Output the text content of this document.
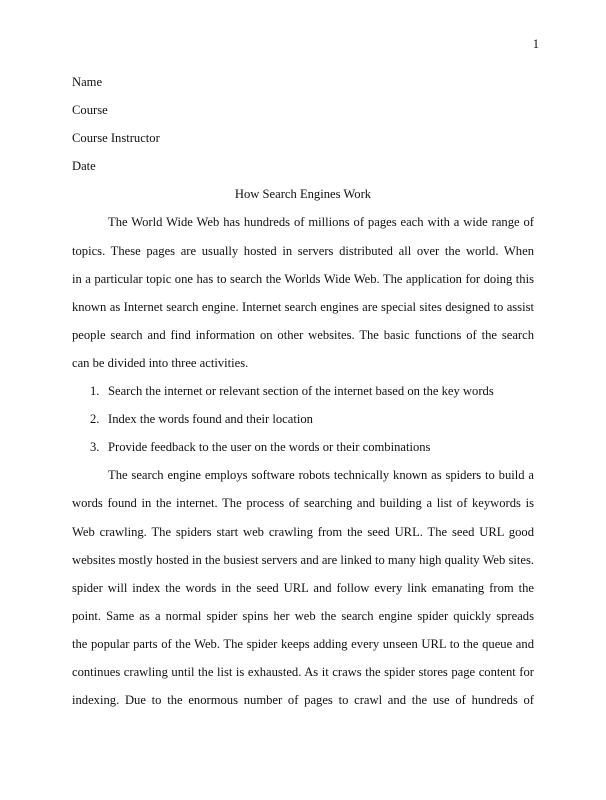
1
Name
Course
Course Instructor
Date
How Search Engines Work
The World Wide Web has hundreds of millions of pages each with a wide range of
topics. These pages are usually hosted in servers distributed all over the world. When
in a particular topic one has to search the Worlds Wide Web. The application for doing this
known as Internet search engine. Internet search engines are special sites designed to assist
people search and find information on other websites. The basic functions of the search
can be divided into three activities.
1. Search the internet or relevant section of the internet based on the key words
2. Index the words found and their location
3. Provide feedback to the user on the words or their combinations
The search engine employs software robots technically known as spiders to build a
words found in the internet. The process of searching and building a list of keywords is
Web crawling. The spiders start web crawling from the seed URL. The seed URL good
websites mostly hosted in the busiest servers and are linked to many high quality Web sites.
spider will index the words in the seed URL and follow every link emanating from the
point. Same as a normal spider spins her web the search engine spider quickly spreads
the popular parts of the Web. The spider keeps adding every unseen URL to the queue and
continues crawling until the list is exhausted. As it craws the spider stores page content for
indexing. Due to the enormous number of pages to crawl and the use of hundreds of
